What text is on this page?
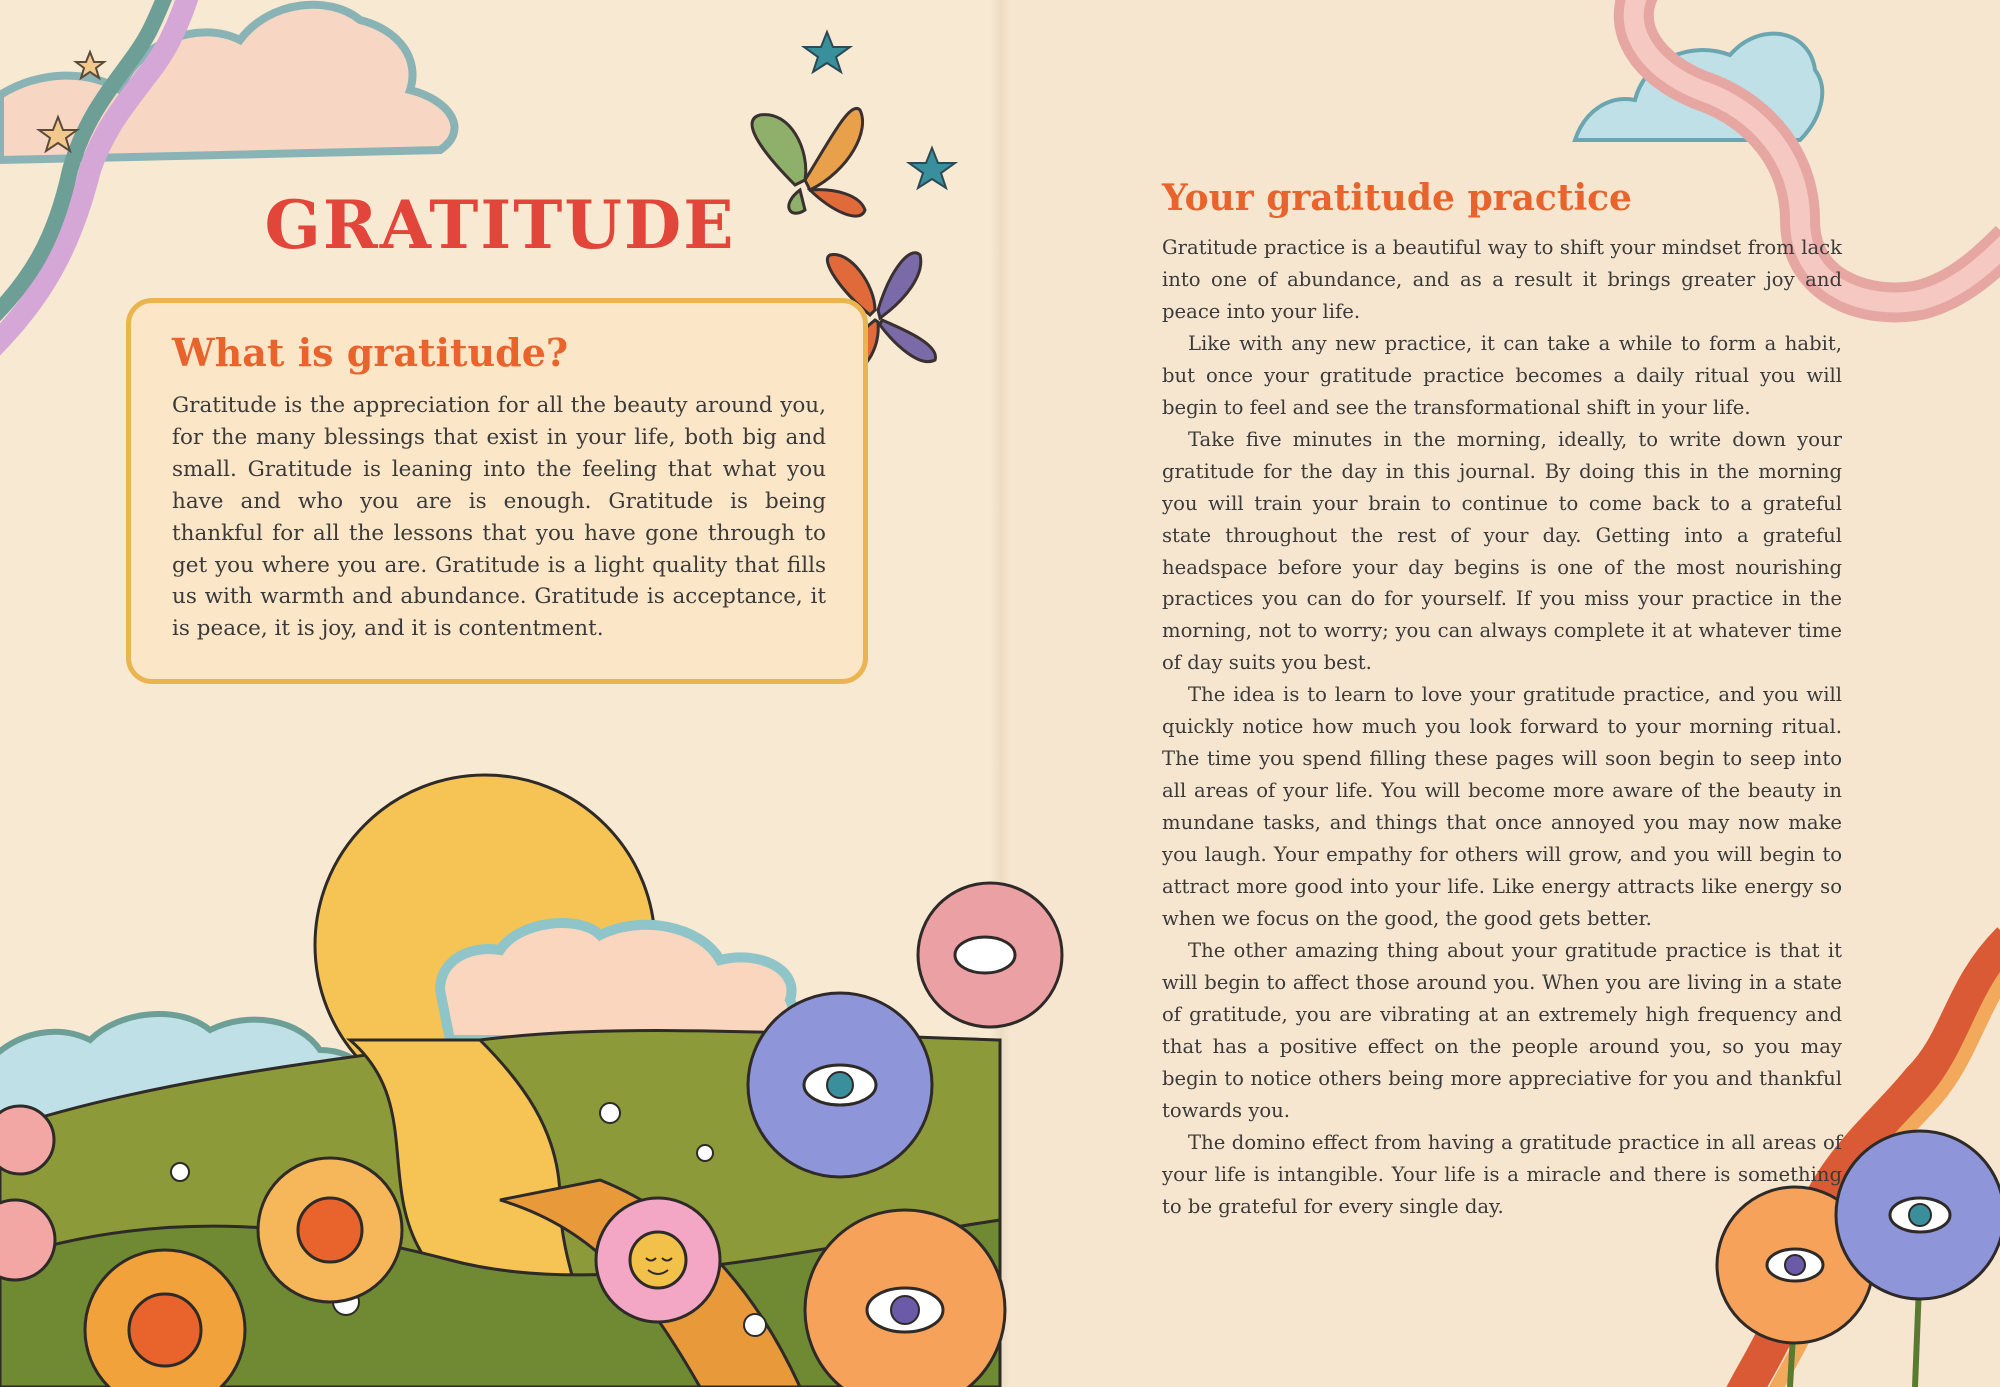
GRATITUDE
What is gratitude?
Gratitude is the appreciation for all the beauty around you, for the many blessings that exist in your life, both big and small. Gratitude is leaning into the feeling that what you have and who you are is enough. Gratitude is being thankful for all the lessons that you have gone through to get you where you are. Gratitude is a light quality that fills us with warmth and abundance. Gratitude is acceptance, it is peace, it is joy, and it is contentment.
Your gratitude practice

Gratitude practice is a beautiful way to shift your mindset from lack into one of abundance, and as a result it brings greater joy and peace into your life.

Like with any new practice, it can take a while to form a habit, but once your gratitude practice becomes a daily ritual you will begin to feel and see the transformational shift in your life.

Take five minutes in the morning, ideally, to write down your gratitude for the day in this journal. By doing this in the morning you will train your brain to continue to come back to a grateful state throughout the rest of your day. Getting into a grateful headspace before your day begins is one of the most nourishing practices you can do for yourself. If you miss your practice in the morning, not to worry; you can always complete it at whatever time of day suits you best.

The idea is to learn to love your gratitude practice, and you will quickly notice how much you look forward to your morning ritual. The time you spend filling these pages will soon begin to seep into all areas of your life. You will become more aware of the beauty in mundane tasks, and things that once annoyed you may now make you laugh. Your empathy for others will grow, and you will begin to attract more good into your life. Like energy attracts like energy so when we focus on the good, the good gets better.

The other amazing thing about your gratitude practice is that it will begin to affect those around you. When you are living in a state of gratitude, you are vibrating at an extremely high frequency and that has a positive effect on the people around you, so you may begin to notice others being more appreciative for you and thankful towards you.

The domino effect from having a gratitude practice in all areas of your life is intangible. Your life is a miracle and there is something to be grateful for every single day.
